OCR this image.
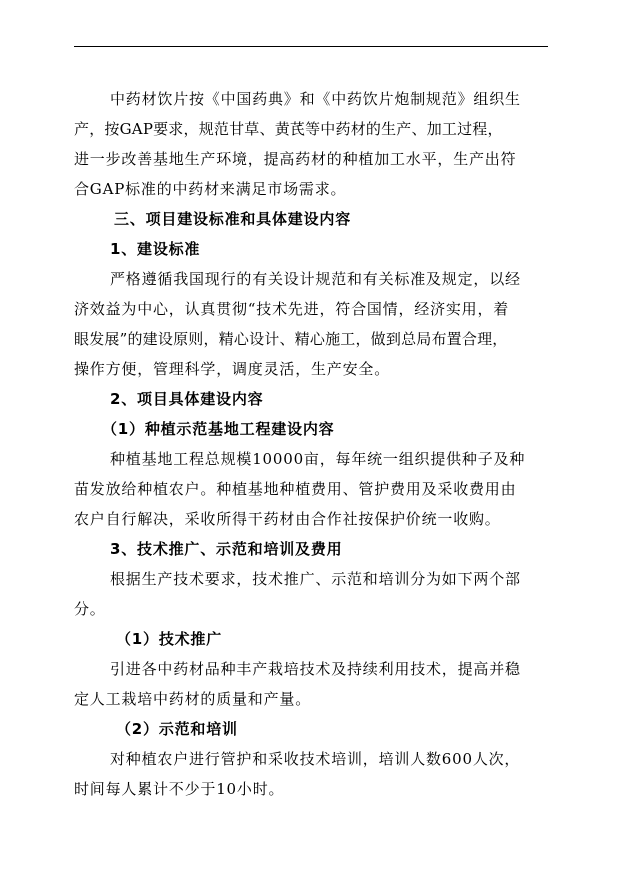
中药材饮片按《中国药典》和《中药饮片炮制规范》组织生
产，按GAP要求，规范甘草、黄芪等中药材的生产、加工过程，
进一步改善基地生产环境，提高药材的种植加工水平，生产出符
合GAP标准的中药材来满足市场需求。
三、项目建设标准和具体建设内容
1、建设标准
严格遵循我国现行的有关设计规范和有关标准及规定，以经
济效益为中心，认真贯彻“技术先进，符合国情，经济实用，着
眼发展”的建设原则，精心设计、精心施工，做到总局布置合理，
操作方便，管理科学，调度灵活，生产安全。
2、项目具体建设内容
（1）种植示范基地工程建设内容
种植基地工程总规模10000亩，每年统一组织提供种子及种
苗发放给种植农户。种植基地种植费用、管护费用及采收费用由
农户自行解决，采收所得干药材由合作社按保护价统一收购。
3、技术推广、示范和培训及费用
根据生产技术要求，技术推广、示范和培训分为如下两个部
分。
（1）技术推广
引进各中药材品种丰产栽培技术及持续利用技术，提高并稳
定人工栽培中药材的质量和产量。
（2）示范和培训
对种植农户进行管护和采收技术培训，培训人数600人次，
时间每人累计不少于10小时。
